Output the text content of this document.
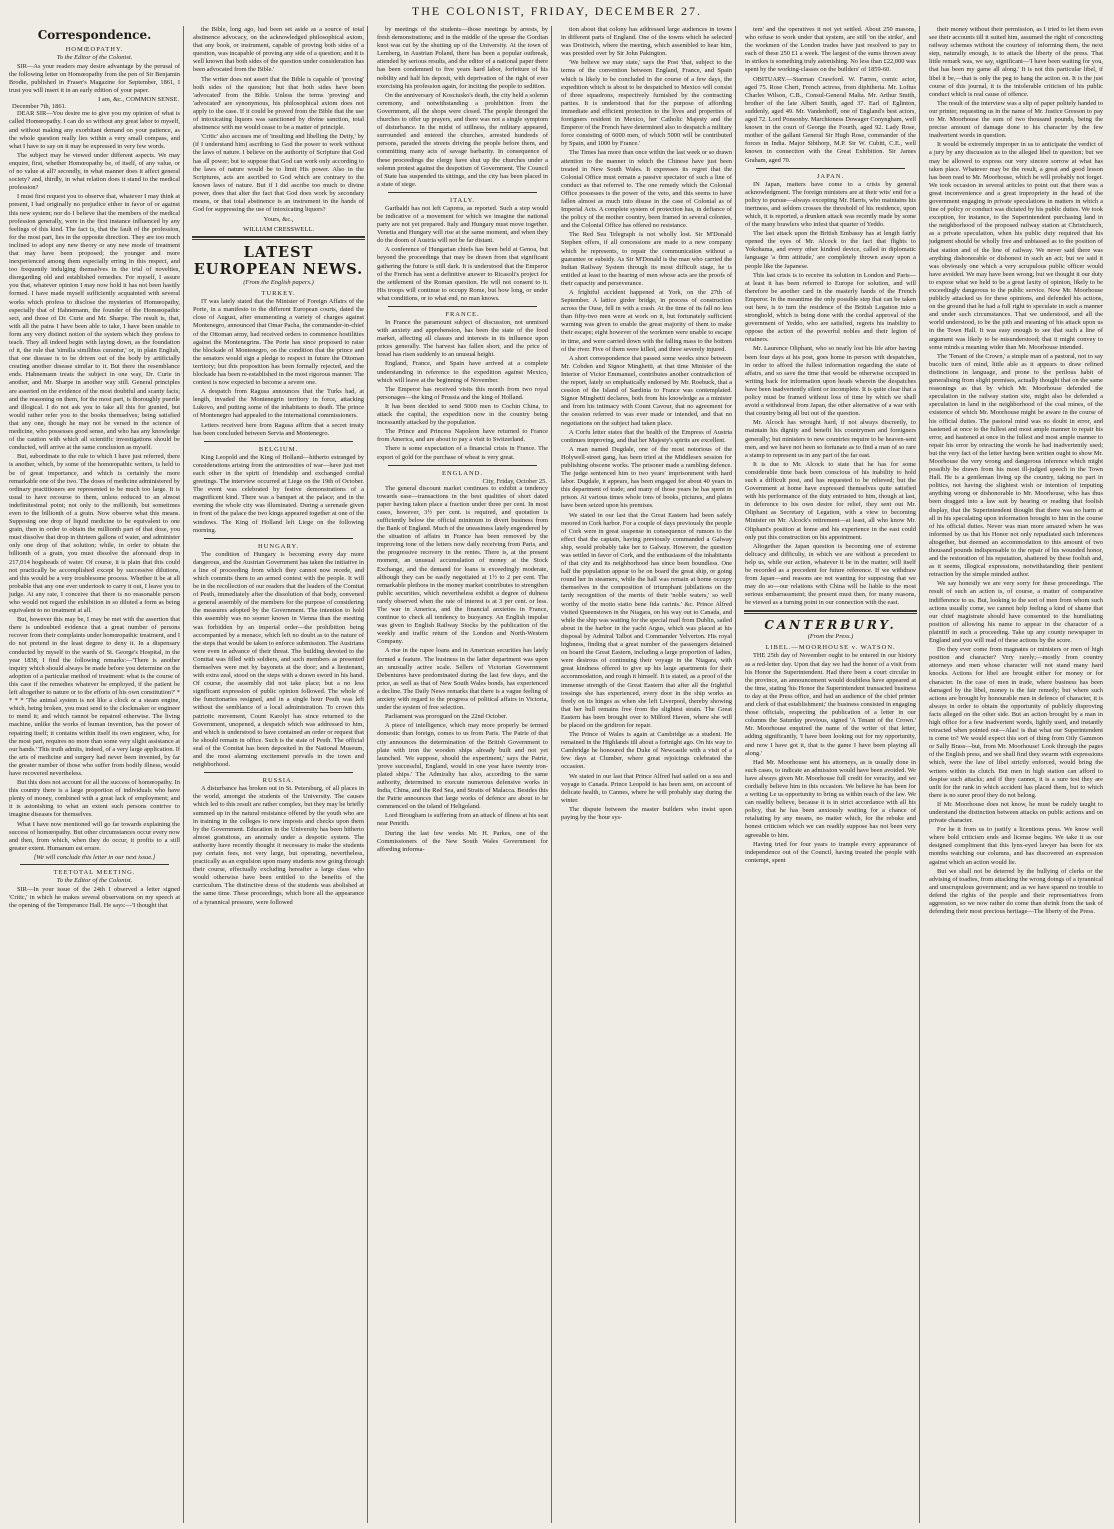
THE COLONIST, FRIDAY, DECEMBER 27.
Correspondence.
HOMŒOPATHY.
To the Editor of the Colonist.

SIR—As your readers may desire advantage by the perusal of the following letter on Homœopathy from the pen of Sir Benjamin Brodie, published in Fraser's Magazine for September, 1861, I trust you will insert it in an early edition of your paper.

I am, &c., COMMON SENSE.
December 7th, 1861.

DEAR SIR—You desire me to give you my opinion of what is called Homœopathy. I can do so without any great labor to myself, and without making any exorbitant demand on your patience, as the whole question really lies within a very small compass, and what I have to say on it may be expressed in very few words.

The subject may be viewed under different aspects. We may enquire, first, whether Homœopathy be, of itself, of any value, or of no value at all? secondly, in what manner does it affect general society? and, thirdly, in what relation does it stand to the medical profession?

I must first request you to observe that, whatever I may think at present, I had originally no prejudice either in favor of or against this new system; nor do I believe that the members of the medical profession generally, were in the first instance influenced by any feelings of this kind. The fact is, that the fault of the profession, for the most part, lies in the opposite direction. They are too much inclined to adopt any new theory or any new mode of treatment that may have been proposed; the younger and more inexperienced among them especially erring in this respect, and too frequently indulging themselves in the trial of novelties, disregarding old and established remedies. For myself, I assure you that, whatever opinion I may now hold it has not been hastily formed. I have made myself sufficiently acquainted with several works which profess to disclose the mysteries of Homœopathy, especially that of Hahnemann, the founder of the Homœopathic sect, and those of Dr. Curie and Mr. Sharpe. The result is, that, with all the pains I have been able to take, I have been unable to form any very distinct notion of the system which they profess to teach. They all indeed begin with laying down, as the foundation of it, the rule that 'similia similibus curantur,' or, in plain English, that one disease is to be driven out of the body by artificially creating another disease similar to it. But there the resemblance ends. Hahnemann treats the subject in one way, Dr. Curie in another, and Mr. Sharpe in another way still. General principles are asserted on the evidence of the most doubtful and scanty facts; and the reasoning on them, for the most part, is thoroughly puerile and illogical. I do not ask you to take all this for granted, but would rather refer you to the books themselves; being satisfied that any one, though he may not be versed in the science of medicine, who possesses good sense, and who has any knowledge of the caution with which all scientific investigations should be conducted, will arrive at the same conclusion as myself.

But, subordinate to the rule to which I have just referred, there is another, which, by some of the homœopathic writers, is held to be of great importance, and which is certainly the more remarkable one of the two. The doses of medicine administered by ordinary practitioners are represented to be much too large. It is usual to have recourse to them, unless reduced to an almost indefinitesimal point; not only to the millionth, but sometimes even to the billionth of a grain. Now observe what this means. Supposing one drop of liquid medicine to be equivalent to one grain, then in order to obtain the millionth part of that dose, you must dissolve that drop in thirteen gallons of water, and administer only one drop of that solution; while, in order to obtain the billionth of a grain, you must dissolve the aforesaid drop in 217,014 hogsheads of water. Of course, it is plain that this could not practically be accomplished except by successive dilutions, and this would be a very troublesome process. Whether it be at all probable that any one ever undertook to carry it out, I leave you to judge. At any rate, I conceive that there is no reasonable person who would not regard the exhibition in so diluted a form as being equivalent to no treatment at all.

But, however this may be, I may be met with the assertion that there is undoubted evidence that a great number of persons recover from their complaints under homœopathic treatment, and I do not pretend in the least degree to deny it. In a dispensary conducted by myself to the wards of St. George's Hospital, in the year 1838, I find the following remarks:—'There is another inquiry which should always be made before you determine on the adoption of a particular method of treatment: what is the course of this case if the remedies whatever be employed, if the patient be left altogether to nature or to the efforts of his own constitution?' * * * * 'The animal system is not like a clock or a steam engine, which, being broken, you must send to the clockmaker or engineer to mend it; and which cannot be repaired otherwise. The living machine, unlike the works of human invention, has the power of repairing itself; it contains within itself its own engineer, who, for the most part, requires no more than some very slight assistance at our hands.' This truth admits, indeed, of a very large application. If the arts of medicine and surgery had never been invented, by far the greater number of those who suffer from bodily illness, would have recovered nevertheless.

But this does not account for all the success of homœopathy. In this country there is a large proportion of individuals who have plenty of money, combined with a great lack of employment; and it is astonishing to what an extent such persons contrive to imagine diseases for themselves.

What I have now mentioned will go far towards explaining the success of homœopathy. But other circumstances occur every now and then, from which, when they do occur, it profits to a still greater extent. Humanum est errare.

[We will conclude this letter in our next issue.]
TEETOTAL MEETING.
To the Editor of the Colonist.

SIR—In your issue of the 24th I observed a letter signed 'Critic,' in which he makes several observations on my speech at the opening of the Temperance Hall. He says:—'I thought that

the Bible, long ago, had been set aside as a source of total abstinence advocacy, on the acknowledged philosophical axiom, that any book, or instrument, capable of proving both sides of a question, was incapable of proving any side of a question; and it is well known that both sides of the question under consideration has been advocated from the Bible.'

The writer does not assert that the Bible is capable of 'proving' both sides of the question; but that both sides have been 'advocated' from the Bible. Unless the terms 'proving' and 'advocated' are synonymous, his philosophical axiom does not apply to the case. If it could be proved from the Bible that the use of intoxicating liquors was sanctioned by divine sanction, total abstinence with me would cease to be a matter of principle.

'Critic' also accuses me of 'insulting and libelling the Deity,' by (if I understand him) ascribing to God the power to work without the laws of nature. I believe on the authority of Scripture that God has all power; but to suppose that God can work only according to the laws of nature would be to limit His power. Also in the Scriptures, acts are ascribed to God which are contrary to the known laws of nature. But if I did ascribe too much to divine power, does that alter the fact that God does work by secondary means, or that total abstinence is an instrument in the hands of God for suppressing the use of intoxicating liquors?

Yours, &c.,
WILLIAM CRESSWELL.
LATEST EUROPEAN NEWS.
(From the English papers.)
TURKEY.

IT was lately stated that the Minister of Foreign Affairs of the Porte, in a manifesto to the different European courts, dated the close of August, after enumerating a variety of charges against Montenegro, announced that Omar Pacha, the commander-in-chief of the Ottoman army, had received orders to commence hostilities against the Montenegrins. The Porte has since proposed to raise the blockade of Montenegro, on the condition that the prince and the senators would sign a pledge to respect in future the Ottoman territory; but this proposition has been formally rejected, and the blockade has been re-established in the most rigorous manner. The contest is now expected to become a severe one.

A despatch from Ragusa announces that the Turks had, at length, invaded the Montenegrin territory in force, attacking Lukovo, and putting some of the inhabitants to death. The prince of Montenegro had appealed to the international commissioners.

Letters received here from Ragusa affirm that a secret treaty has been concluded between Servia and Montenegro.

BELGIUM.

King Leopold and the King of Holland—hitherto estranged by considerations arising from the animosities of war—have just met each other in the spirit of friendship and exchanged cordial greetings. The interview occurred at Liege on the 19th of October. The event was celebrated by festive demonstrations of a magnificent kind. There was a banquet at the palace; and in the evening the whole city was illuminated. During a serenade given in front of the palace the two kings appeared together at one of the windows. The King of Holland left Liege on the following morning.

HUNGARY.

The condition of Hungary is becoming every day more dangerous, and the Austrian Government has taken the initiative in a line of proceeding from which they cannot now recede, and which commits them to an armed contest with the people. It will be in the recollection of our readers that the leaders of the Comitat of Pesth, immediately after the dissolution of that body, convened a general assembly of the members for the purpose of considering the measures adopted by the Government. The intention to hold this assembly was no sooner known in Vienna than the meeting was forbidden by an imperial order—the prohibition being accompanied by a menace, which left no doubt as to the nature of the steps that would be taken to enforce submission. The Austrians were even in advance of their threat. The building devoted to the Comitat was filled with soldiers, and such members as presented themselves were met by bayonets at the door; and a lieutenant, with extra zeal, stood on the steps with a drawn sword in his hand. Of course, the assembly did not take place; but a no less significant expression of public opinion followed. The whole of the functionaries resigned, and in a single hour Pesth was left without the semblance of a local administration. To crown this patriotic movement, Count Karolyi has since returned to the Government, unopened, a despatch which was addressed to him, and which is understood to have contained an order or request that he should remain in office. Such is the state of Pesth. The official seal of the Comitat has been deposited in the National Museum, and the most alarming excitement prevails in the town and neighborhood.

RUSSIA.

A disturbance has broken out in St. Petersburg, of all places in the world, amongst the students of the University. The causes which led to this result are rather complex, but they may be briefly summed up in the natural resistance offered by the youth who are in training in the colleges to new imposts and checks upon them by the Government. Education in the University has been hitherto almost gratuitous, an anomaly under a despotic system. The authority have recently thought it necessary to make the students pay certain fees, not very large, but operating, nevertheless, practically as an expulsion upon many students now going through their course, effectually excluding hereafter a large class who would otherwise have been entitled to the benefits of the curriculum. The distinctive dress of the students was abolished at the same time. These proceedings, which bore all the appearance of a tyrannical pressure, were followed

by meetings of the students—those meetings by arrests, by fresh demonstrations; and in the middle of the uproar the Gordian knot was cut by the shutting up of the University. At the town of Lemberg, in Austrian Poland, there has been a popular outbreak, attended by serious results, and the editor of a national paper there has been condemned to five years hard labor, forfeiture of his nobility and half his deposit, with deprivation of the right of ever exercising his profession again, for inciting the people to sedition.

On the anniversary of Kosciusko's death, the city held a solemn ceremony, and notwithstanding a prohibition from the Government, all the shops were closed. The people thronged the churches to offer up prayers, and there was not a single symptom of disturbance. In the midst of stillness, the military appeared, surrounded and entered the churches, arrested hundreds of persons, paraded the streets driving the people before them, and committing many acts of savage barbarity. In consequence of these proceedings the clergy have shut up the churches under a solemn protest against the despotism of Government. The Council of State has suspended its sittings, and the city has been placed in a state of siege.

ITALY.

Garibaldi has not left Caprera, as reported. Such a step would be indicative of a movement for which we imagine the national party are not yet prepared. Italy and Hungary must move together. Venetia and Hungary will rise at the same moment, and when they do the doom of Austria will not be far distant.

A conference of Hungarian chiefs has been held at Genoa, but beyond the proceedings that may be drawn from that significant gathering the future is still dark. It is understood that the Emperor of the French has sent a definitive answer to Ricasoli's project for the settlement of the Roman question. He will not consent to it. His troops will continue to occupy Rome, but how long, or under what conditions, or to what end, no man knows.

FRANCE.

In France the paramount subject of discussion, not unmixed with anxiety and apprehension, has been the state of the food market, affecting all classes and interests in its influence upon prices generally. The harvest has fallen short, and the price of bread has risen suddenly to an unusual height.

England, France, and Spain have arrived at a complete understanding in reference to the expedition against Mexico, which will leave at the beginning of November.

The Emperor has received visits this month from two royal personages—the king of Prussia and the king of Holland.

It has been decided to send 5000 men to Cochin China, to attack the capital, the expedition now in the country being incessantly attacked by the population.

The Prince and Princess Napoleon have returned to France from America, and are about to pay a visit to Switzerland.

There is some expectation of a financial crisis in France. The export of gold for the purchase of wheat is very great.

ENGLAND.
City, Friday, October 25.

The general discount market continues to exhibit a tendency towards ease—transactions in the best qualities of short dated paper having taken place a fraction under three per cent. In most cases, however, 3½ per cent. is required, and quotation is sufficiently below the official minimum to divert business from the Bank of England. Much of the uneasiness lately engendered by the situation of affairs in France has been removed by the improving tone of the letters now daily receiving from Paris, and the progressive recovery in the rentes. There is, at the present moment, an unusual accumulation of money at the Stock Exchange, and the demand for loans is exceedingly moderate, although they can be easily negotiated at 1½ to 2 per cent. The remarkable plethora in the money market contributes to strengthen public securities, which nevertheless exhibit a degree of dulness rarely observed when the rate of interest is at 3 per cent. or less. The war in America, and the financial anxieties in France, continue to check all tendency to buoyancy. An English impulse was given to English Railway Stocks by the publication of the weekly and traffic return of the London and North-Western Company.

A rise in the rupee loans and in American securities has lately formed a feature. The business in the latter department was upon an unusually active scale. Sellers of Victorian Government Debentures have predominated during the last few days, and the price, as well as that of New South Wales bonds, has experienced a decline. The Daily News remarks that there is a vague feeling of anxiety with regard to the progress of political affairs in Victoria, under the system of free selection.

Parliament was prorogued on the 22nd October.

A piece of intelligence, which may more properly be termed domestic than foreign, comes to us from Paris. The Patrie of that city announces the determination of the British Government to plate with iron the wooden ships already built and not yet launched. 'We suppose, should the experiment,' says the Patrie, 'prove successful, England, would in one year have twenty iron-plated ships.' The Admiralty has also, according to the same authority, determined to execute numerous defensive works in India, China, and the Red Sea, and Straits of Malacca. Besides this the Patrie announces that large works of defence are about to be commenced on the island of Heligoland.

Lord Brougham is suffering from an attack of illness at his seat near Penrith.

During the last few weeks Mr. H. Parkes, one of the Commissioners of the New South Wales Government for affording informa-

tion about that colony has addressed large audiences in towns in different parts of England. One of the towns which he selected was Droitwich, where the meeting, which assembled to hear him, was presided over by Sir John Pakington.

'We believe we may state,' says the Post 'that, subject to the terms of the convention between England, France, and Spain which is likely to be concluded in the course of a few days, the expedition which is about to be despatched to Mexico will consist of three squadrons, respectively furnished by the contracting parties. It is understood that for the purpose of affording immediate and efficient protection to the lives and properties of foreigners resident in Mexico, her Catholic Majesty and the Emperor of the French have determined also to despatch a military force consisting of 6000 men, of which 5000 will be contributed by Spain, and 1000 by France.'

The Times has more than once within the last week or so drawn attention to the manner in which the Chinese have just been treated in New South Wales. It expresses its regret that the Colonial Office must remain a passive spectator of such a line of conduct as that referred to. The one remedy which the Colonial Office possesses is the power of the veto, and this seems to have fallen almost as much into disuse in the case of Colonial as of Imperial Acts. A complete system of protection has, in defiance of the policy of the mother country, been framed in several colonies, and the Colonial Office has offered no resistance.

The Red Sea Telegraph is not wholly lost. Sir M'Donald Stephen offers, if all concessions are made to a new company which he represents, to repair the communication without a guarantee or subsidy. As Sir M'Donald is the man who carried the Indian Railway System through its most difficult stage, he is entitled at least to the hearing of men whose acts are the proofs of their capacity and perseverance.

A frightful accident happened at York, on the 27th of September. A lattice girder bridge, in process of construction across the Ouse, fell in with a crash. At the time of its fall no less than fifty-two men were at work on it, but fortunately sufficient warning was given to enable the great majority of them to make their escape; eight however of the workmen were unable to escape in time, and were carried down with the falling mass to the bottom of the river. Five of them were killed, and three severely injured.

A short correspondence that passed some weeks since between Mr. Cobden and Signor Minghetti, at that time Minister of the Interior of Victor Emmanuel, contributes another contradiction of the report, lately so emphatically endorsed by Mr. Roebuck, that a cession of the Island of Sardinia to France was contemplated. Signor Minghetti declares, both from his knowledge as a minister and from his intimacy with Count Cavour, that no agreement for the cession referred to was ever made or intended, and that no negotiations on the subject had taken place.

A Corfu letter states that the health of the Empress of Austria continues improving, and that her Majesty's spirits are excellent.

A man named Dugdale, one of the most notorious of the Holywell-street gang, has been tried at the Middlesex session for publishing obscene works. The prisoner made a rambling defence. The judge sentenced him to two years' imprisonment with hard labor. Dugdale, it appears, has been engaged for about 40 years in this department of trade; and many of those years he has spent in prison. At various times whole tons of books, pictures, and plates have been seized upon his premises.

We stated in our last that the Great Eastern had been safely moored in Cork harbor. For a couple of days previously the people of Cork were in great suspense in consequence of rumors to the effect that the captain, having previously commanded a Galway ship, would probably take her to Galway. However, the question was settled in favor of Cork, and the enthusiasm of the inhabitants of that city and its neighborhood has since been boundless. One half the population appear to be on board the great ship, or going round her in steamers, while the hall was remain at home occupy themselves in the composition of triumphant jubilations on the tardy recognition of the merits of their 'noble waters,' so well worthy of the motto statio bene fida carinis.' &c. Prince Alfred visited Queenstown in the Niagara, on his way out to Canada, and while the ship was waiting for the special mail from Dublin, sailed about in the harbor in the yacht Argus, which was placed at his disposal by Admiral Talbot and Commander Yelverton. His royal highness, finding that a great number of the passengers detained on board the Great Eastern, including a large proportion of ladies, were desirous of continuing their voyage in the Niagara, with great kindness offered to give up his large apartments for their accommodation, and rough it himself. It is stated, as a proof of the immense strength of the Great Eastern that after all the frightful tossings she has experienced, every door in the ship works as freely on its hinges as when she left Liverpool, thereby showing that her hull remains free from the slightest strain. The Great Eastern has been brought over to Milford Haven, where she will be placed on the gridiron for repair.

The Prince of Wales is again at Cambridge as a student. He remained in the Highlands till about a fortnight ago. On his way to Cambridge he honoured the Duke of Newcastle with a visit of a few days at Clumber, where great rejoicings celebrated the occasion.

We stated in our last that Prince Alfred had sailed on a sea and voyage to Canada. Prince Leopold is has been sent, on account of delicate health, to Cannes, where he will probably stay during the winter.

The dispute between the master builders who insist upon paying by the 'hour sys-

tem' and the operatives it not yet settled. About 250 masons, who refuse to work under that system, are still 'on the strike', and the workmen of the London trades have just resolved to pay to each of these 250 £1 a week. The largest of the sums thrown away in strikes is something truly astonishing. No less than £22,000 was spent by the working-classes on the builders' of 1859-60.

OBITUARY.—Starman Crawford. W. Farren, comic actor, aged 75. Rose Cheri, French actress, from diphtheria. Mr. Loftus Charles Wilson, C.B., Consul-General Malta. Mr. Arthur Smith, brother of the late Albert Smith, aged 37. Earl of Eglinton, suddenly, aged 49. Mr. Vandenhoff, one of England's best actors, aged 72. Lord Ponsonby. Marchioness Dowager Conyngham, well known in the court of George the Fourth, aged 92. Lady Rose, mother of the gallant General Sir Hugh Rose, commander of the forces in India. Major Sibthorp, M.P. Sir W. Cubitt, C.E., well known in connection with the Great Exhibition. Sir James Graham, aged 70.

JAPAN.

IN Japan, matters have come to a crisis by general acknowledgment. The foreign ministers are at their wits' end for a policy to pursue—always excepting Mr. Harris, who maintains his inertness, and seldom crosses the threshold of his residence, upon which, it is reported, a drunken attack was recently made by some of the many brawlers who infest that quarter of Yeddo.

The last attack upon the British Embassy has at length fairly opened the eyes of Mr. Alcock to the fact that flights to Yokohama, and every other kindred device, called in diplomatic language 'a firm attitude,' are completely thrown away upon a people like the Japanese.

This last crisis is to receive its solution in London and Paris—at least it has been referred to Europe for solution, and will therefore be another card in the masterly hands of the French Emperor. In the meantime the only possible step that can be taken out here, is to turn the residence of the British Legation into a stronghold, which is being done with the cordial approval of the government of Yeddo, who are satisfied, regrets his inability to oppose the action of the powerful nobles and their legion of retainers.

Mr. Laurence Oliphant, who so nearly lost his life after having been four days at his post, goes home in person with despatches, in order to afford the fullest information regarding the state of affairs, and so save the time that would be otherwise occupied in writing back for information upon heads wherein the despatches have been inadvertently silent or incomplete. It is quite clear that a policy must be framed without loss of time by which we shall avoid a withdrawal from Japan, the other alternative of a war with that country being all but out of the question.

Mr. Alcock has wrought hard, if not always discreetly, to maintain his dignity and benefit his countrymen and foreigners generally; but ministers to new countries require to be heaven-sent men, and we have not been so fortunate as to find a man of so rare a stamp to represent us in any part of the far east.

It is due to Mr. Alcock to state that he has for some considerable time back been conscious of his inability to hold such a difficult post, and has requested to be relieved; but the Government at home have expressed themselves quite satisfied with his performance of the duty entrusted to him, though at last, in deference to his own desire for relief, they sent out Mr. Oliphant as Secretary of Legation, with a view to becoming Minister on Mr. Alcock's retirement—at least, all who know Mr. Oliphant's position at home and his experience in the east could only put this construction on his appointment.

Altogether the Japan question is becoming one of extreme delicacy and difficulty, in which we are without a precedent to help us, while our action, whatever it be in the matter, will itself be recorded as a precedent for future reference. If we withdraw from Japan—and reasons are not wanting for supposing that we may do so—our relations with China will be liable to the most serious embarrassment; the present must then, for many reasons, be viewed as a turning point in our connection with the east.

CANTERBURY.
(From the Press.)
LIBEL.—MOORHOUSE v. WATSON.

THE 25th day of November ought to be entered in our history as a red-letter day. Upon that day we had the honor of a visit from his Honor the Superintendent. Had there been a court circular in the province, an announcement would doubtless have appeared at the time, stating 'his Honor the Superintendent transacted business to day at the Press office, and had an audience of the chief printer and clerk of that establishment;' the business consisted in engaging those officials, respecting the publication of a letter in our columns the Saturday previous, signed 'A Tenant of the Crown.' Mr. Moorhouse enquired the name of the writer of that letter, adding significantly, 'I have been looking out for my opportunity, and now I have got it, that is the game I have been playing all along.'

Had Mr. Moorhouse sent his attorneys, as is usually done in such cases, to indicate an admission would have been avoided. We have always given Mr. Moorhouse full credit for veracity, and we cordially believe him in this occasion. We believe he has been for a writing Le us opportunity to bring us within reach of the law. We can readily believe, because it is in strict accordance with all his policy, that he has been anxiously waiting for a chance of retaliating by any means, no matter which, for the rebuke and honest criticism which we can readily suppose has not been very agreeable to him.

Having tried for four years to trample every appearance of independence out of the Council, having treated the people with contempt, spent

their money without their permission, as I tried to let them even see their accounts till it suited him, assumed the right of concocting railway schemes without the courtesy of informing them, the next step, naturally enough, is to attack the liberty of the press. That little remark was, we say, significant—'I have been waiting for you, that has been my game all along.' It is not this particular libel, if libel it be,—that is only the peg to hang the action on. It is the just course of this journal, it is the intolerable criticism of his public conduct which is real cause of offence.

The result of the interview was a slip of paper politely handed to our printer, requesting us in the name of Mr. Justice Gresson to pay to Mr. Moorhouse the sum of two thousand pounds, being the precise amount of damage done to his character by the few inadvertent words in question.

It would be extremely improper in us to anticipate the verdict of a jury by any discussion as to the alleged libel in question; but we may be allowed to express our very sincere sorrow at what has taken place. Whatever may be the result, a great and good lesson has been read to Mr. Moorhouse, which he will probably not forget. We took occasion in several articles to point out that there was a great inconvenience and a great impropriety in the head of the government engaging in private speculations in matters in which a line of policy or conduct was dictated by his public duties. We took exception, for instance, to the Superintendent purchasing land in the neighborhood of the proposed railway station at Christchurch, as a private speculation, when his public duty required that his judgment should be wholly free and unbiassed as to the position of that station and of the line of railway. We never said there was anything dishonorable or dishonest in such an act; but we said it was obviously one which a very scrupulous public officer would have avoided. We may have been wrong; but we thought it our duty to expose what we held to be a great laxity of opinion, likely to be exceedingly dangerous to the public service. Now Mr. Moorhouse publicly attacked us for these opinions, and defended his actions, on the ground that he had a full right to speculate in such a manner and under such circumstances. That we understood, and all the world understood, to be the pith and meaning of his attack upon us in the Town Hall. It was easy enough to see that such a line of argument was likely to be misunderstood; that it might convey to some minds a meaning wider than Mr. Moorhouse intended.

The 'Tenant of the Crown,' a simple man of a pastoral, not to say bucolic turn of mind, little able as it appears to draw refined distinctions in language, and prone to the perilous habit of generalising from slight premises, actually thought that on the same reasonings as that by which Mr. Moorhouse defended the speculation in the railway station site, might also be defended a speculation in land in the neighborhood of the coal mines, of the existence of which Mr. Moorhouse might be aware in the course of his official duties. The pastoral mind was no doubt in error, and hastened at once to the fullest and most ample manner to repair his error, and hastened at once in the fullest and most ample manner to repair his error by retracting the words he had inadvertently used; but the very fact of the letter having been written ought to show Mr. Moorhouse the very wrong and dangerous inference which might possibly be drawn from his most ill-judged speech in the Town Hall. He is a gentleman living up the country, taking no part in politics, not having the slightest wish or intention of imputing anything wrong or dishonorable to Mr. Moorhouse, who has thus been dragged into a law suit by hearing or reading that foolish display, that the Superintendent thought that there was no harm at all in his speculating upon information brought to him in the course of his official duties. Never was man more amazed when he was informed by us that his Honor not only repudiated such inferences altogether, but deemed an accommodation to this amount of two thousand pounds indispensable to the repair of his wounded honor, and the restoration of his reputation, shattered by these foolish and, as it seems, illogical expressions, notwithstanding their penitent retraction by the simple minded author.

We say honestly we are very sorry for these proceedings. The result of such an action is, of course, a matter of comparative indifference to us. But, looking to the sort of men from whom such actions usually come, we cannot help feeling a kind of shame that our chief magistrate should have consented to the humiliating position of allowing his name to appear in the character of a plaintiff in such a proceeding. Take up any county newspaper in England and you will read of these actions by the score.

Do they ever come from magnates or ministers or men of high position and character? Very rarely;—mostly from country attorneys and men whose character will not stand many hard knocks. Actions for libel are brought either for money or for character. In the case of men in trade, where business has been damaged by the libel, money is the fair remedy; but where such actions are brought by honourable men in defence of character, it is always in order to obtain the opportunity of publicly disproving facts alleged on the other side. But an action brought by a man in high office for a few inadvertent words, lightly used, and instantly retracted when pointed out—Alas! is that what our Superintendent is come to? We would expect this sort of thing from Oily Gammon or Sally Brass—but, from Mr. Moorhouse! Look through the pages of the English press, and we shall find they swarm with expressions which, were the law of libel strictly enforced, would bring the writers within its clutch. But men in high station can afford to despise such attacks; and if they cannot, it is a sure test they are unfit for the rank in which accident has placed them, but to which there is no surer proof they do not belong.

If Mr. Moorhouse does not know, he must be rudely taught to understand the distinction between attacks on public actions and on private character.

For he it from us to justify a licentious press. We know well where bold criticism ends and license begins. We take it as our designed compliment that this lynx-eyed lawyer has been for six months watching our columns, and has discovered an expression against which an action would lie.

But we shall not be deterred by the bullying of clerks or the advising of toadies, from attacking the wrong doings of a tyrannical and unscrupulous government; and as we have spared no trouble to defend the rights of the people and their representatives from aggression, so we now rather do come than shrink from the task of defending their most precious heritage—The liberty of the Press.
